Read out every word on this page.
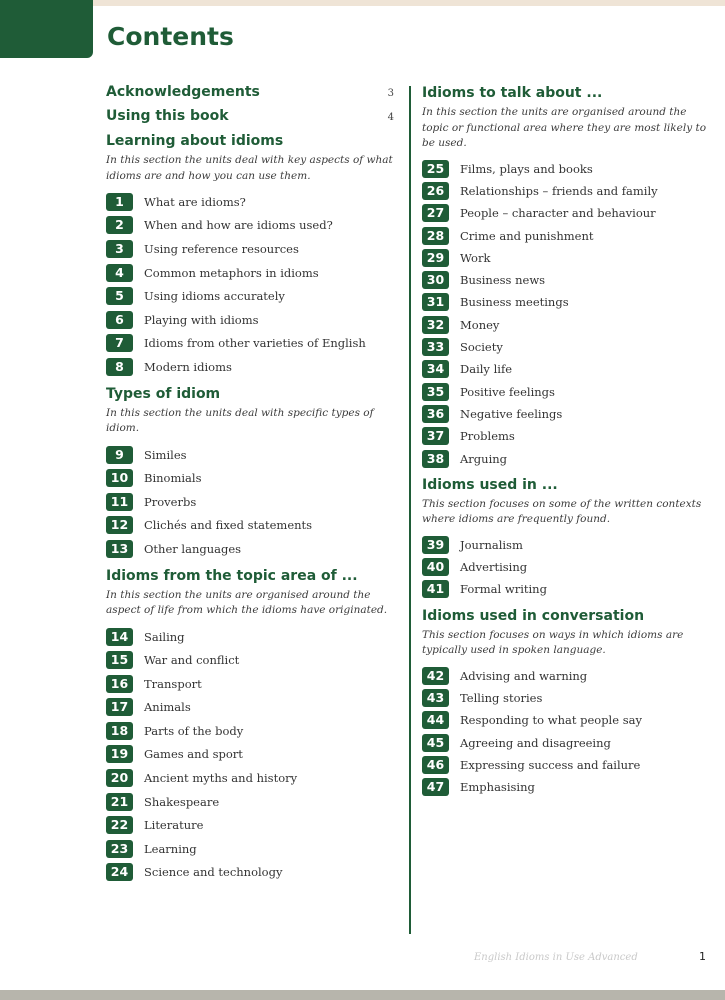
Contents
Acknowledgements	3
Using this book	4
Learning about idioms

In this section the units deal with key aspects of what idioms are and how you can use them.

1	What are idioms?
2	When and how are idioms used?
3	Using reference resources
4	Common metaphors in idioms
5	Using idioms accurately
6	Playing with idioms
7	Idioms from other varieties of English
8	Modern idioms
Types of idiom

In this section the units deal with specific types of idiom.

9	Similes
10	Binomials
11	Proverbs
12	Clichés and fixed statements
13	Other languages
Idioms from the topic area of ...

In this section the units are organised around the aspect of life from which the idioms have originated.

14	Sailing
15	War and conflict
16	Transport
17	Animals
18	Parts of the body
19	Games and sport
20	Ancient myths and history
21	Shakespeare
22	Literature
23	Learning
24	Science and technology
Idioms to talk about ...

In this section the units are organised around the topic or functional area where they are most likely to be used.

25	Films, plays and books
26	Relationships – friends and family
27	People – character and behaviour
28	Crime and punishment
29	Work
30	Business news
31	Business meetings
32	Money
33	Society
34	Daily life
35	Positive feelings
36	Negative feelings
37	Problems
38	Arguing
Idioms used in ...

This section focuses on some of the written contexts where idioms are frequently found.

39	Journalism
40	Advertising
41	Formal writing
Idioms used in conversation

This section focuses on ways in which idioms are typically used in spoken language.

42	Advising and warning
43	Telling stories
44	Responding to what people say
45	Agreeing and disagreeing
46	Expressing success and failure
47	Emphasising
English Idioms in Use Advanced	1
